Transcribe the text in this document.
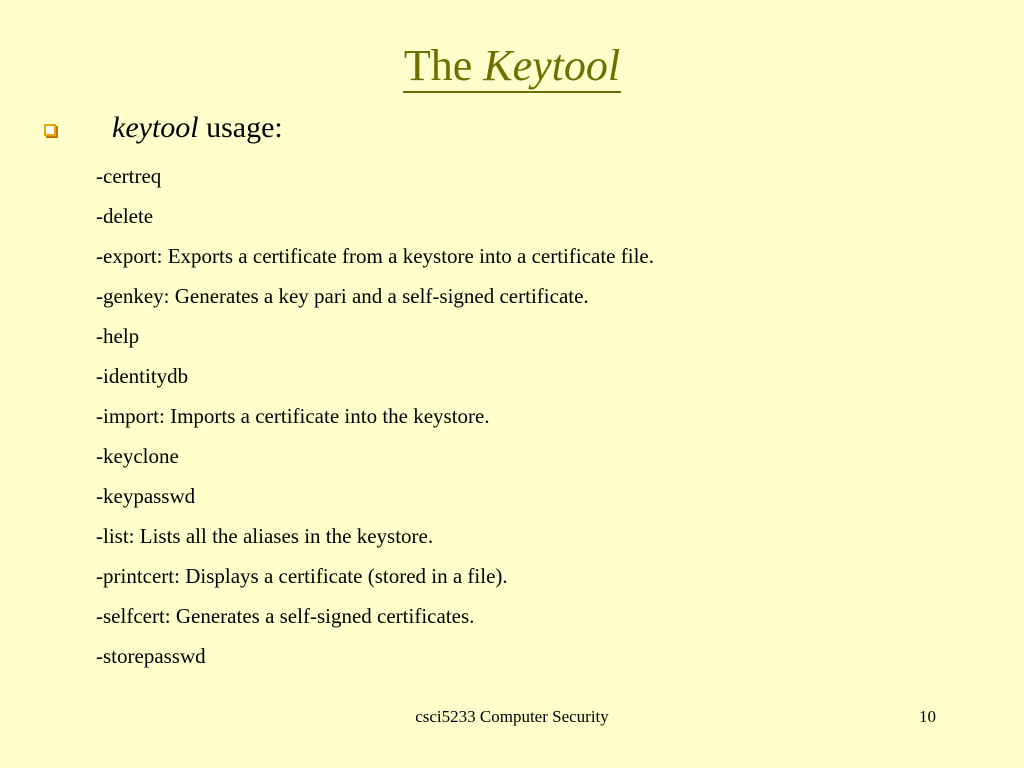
The Keytool
keytool usage:
-certreq
-delete
-export: Exports a certificate from a keystore into a certificate file.
-genkey: Generates a key pari and a self-signed certificate.
-help
-identitydb
-import: Imports a certificate into the keystore.
-keyclone
-keypasswd
-list: Lists all the aliases in the keystore.
-printcert: Displays a certificate (stored in a file).
-selfcert: Generates a self-signed certificates.
-storepasswd
csci5233 Computer Security	10
